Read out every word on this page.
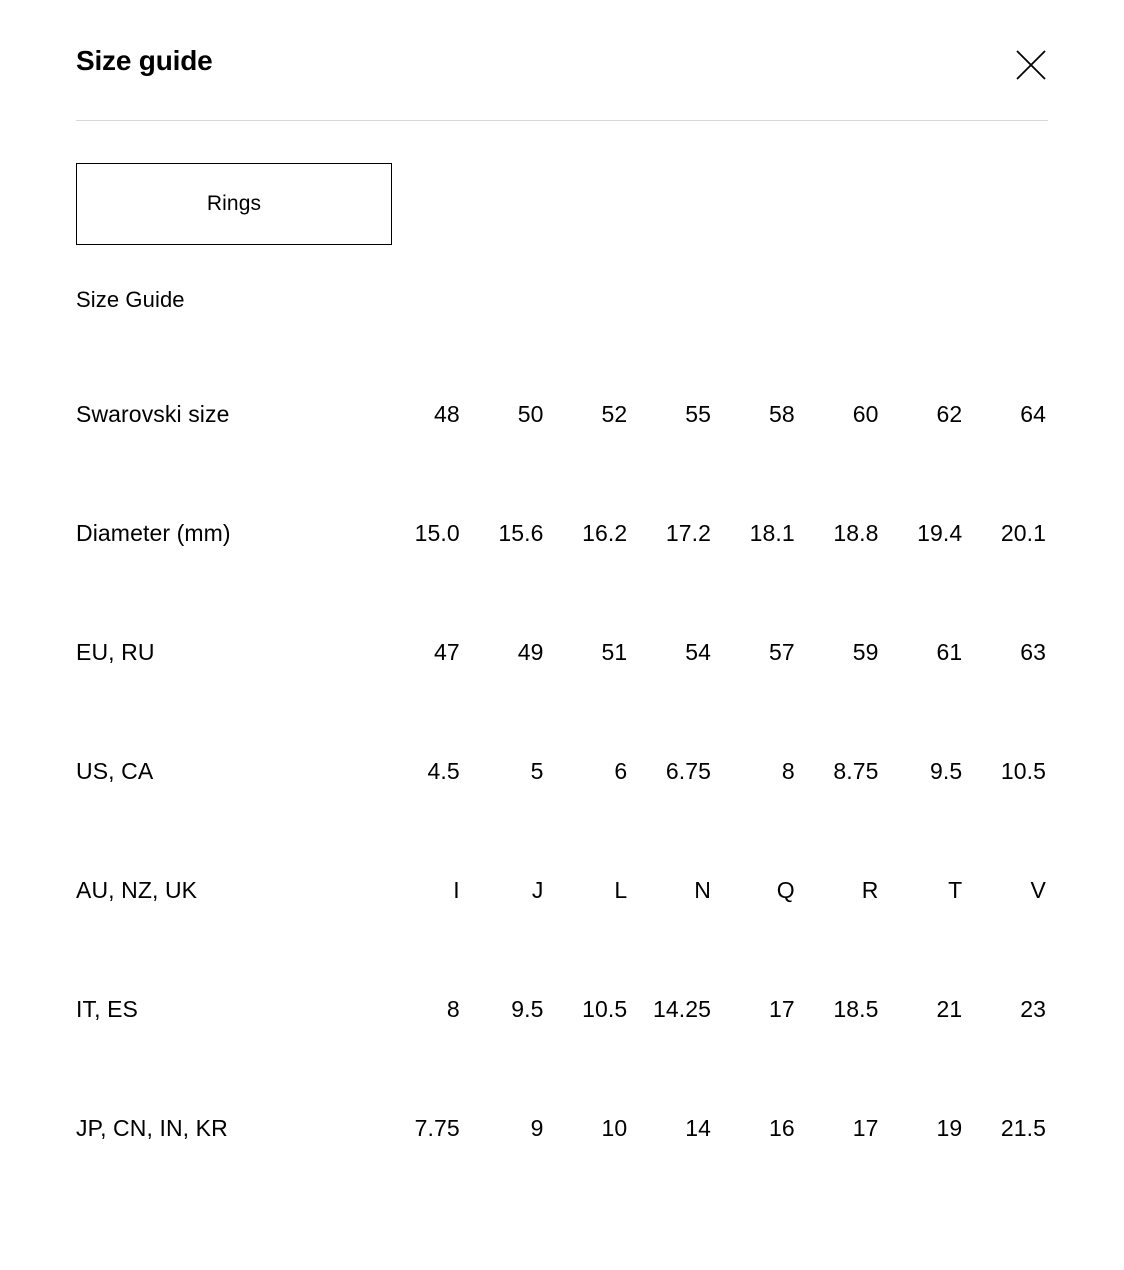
Size guide
Rings
Size Guide
Swarovski size	48	50	52	55	58	60	62	64
Diameter (mm)	15.0	15.6	16.2	17.2	18.1	18.8	19.4	20.1
EU, RU	47	49	51	54	57	59	61	63
US, CA	4.5	5	6	6.75	8	8.75	9.5	10.5
AU, NZ, UK	I	J	L	N	Q	R	T	V
IT, ES	8	9.5	10.5	14.25	17	18.5	21	23
JP, CN, IN, KR	7.75	9	10	14	16	17	19	21.5
